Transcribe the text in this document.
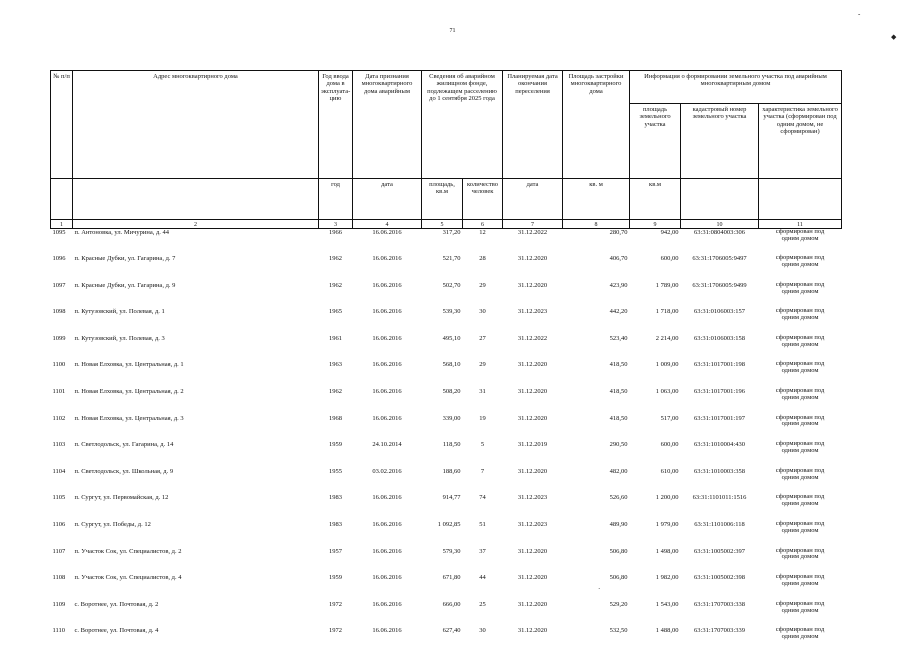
71
-
◆
·
№ п/п	Адрес многоквартирного дома	Год ввода дома в эксплуата-цию	Дата признания многоквартирного дома аварийным	Сведения об аварийном жилищном фонде, подлежащем расселению до 1 сентября 2025 года		Планируемая дата окончания переселения	Площадь застройки многоквартирного дома	Информация о формировании земельного участка под аварийным многоквартирным домом		
								площадь земельного участка	кадастровый номер земельного участка	характеристика земельного участка (сформирован под одним домом, не сформирован)
		год	дата	площадь, кв.м	количество человек	дата	кв. м	кв.м		
1	2	3	4	5	6	7	8	9	10	11
1095	п. Антоновка, ул. Мичурина, д. 44	1966	16.06.2016	317,20	12	31.12.2022	280,70	942,00	63:31:0804003:306	сформирован под
одним домом

1096	п. Красные Дубки, ул. Гагарина, д. 7	1962	16.06.2016	521,70	28	31.12.2020	406,70	600,00	63:31:1706005:9497	сформирован под
одним домом

1097	п. Красные Дубки, ул. Гагарина, д. 9	1962	16.06.2016	502,70	29	31.12.2020	423,90	1 789,00	63:31:1706005:9499	сформирован под
одним домом

1098	п. Кутузовский, ул. Полевая, д. 1	1965	16.06.2016	539,30	30	31.12.2023	442,20	1 718,00	63:31:0106003:157	сформирован под
одним домом

1099	п. Кутузовский, ул. Полевая, д. 3	1961	16.06.2016	495,10	27	31.12.2022	523,40	2 214,00	63:31:0106003:158	сформирован под
одним домом

1100	п. Новая Елховка, ул. Центральная, д. 1	1963	16.06.2016	568,10	29	31.12.2020	418,50	1 009,00	63:31:1017001:198	сформирован под
одним домом

1101	п. Новая Елховка, ул. Центральная, д. 2	1962	16.06.2016	508,20	31	31.12.2020	418,50	1 063,00	63:31:1017001:196	сформирован под
одним домом

1102	п. Новая Елховка, ул. Центральная, д. 3	1968	16.06.2016	339,00	19	31.12.2020	418,50	517,00	63:31:1017001:197	сформирован под
одним домом

1103	п. Светлодольск, ул. Гагарина, д. 14	1959	24.10.2014	118,50	5	31.12.2019	290,50	600,00	63:31:1010004:430	сформирован под
одним домом

1104	п. Светлодольск, ул. Школьная, д. 9	1955	03.02.2016	188,60	7	31.12.2020	482,00	610,00	63:31:1010003:358	сформирован под
одним домом

1105	п. Сургут, ул. Первомайская, д. 12	1983	16.06.2016	914,77	74	31.12.2023	526,60	1 200,00	63:31:1101011:1516	сформирован под
одним домом

1106	п. Сургут, ул. Победы, д. 12	1983	16.06.2016	1 092,85	51	31.12.2023	489,90	1 979,00	63:31:1101006:118	сформирован под
одним домом

1107	п. Участок Сок, ул. Специалистов, д. 2	1957	16.06.2016	579,30	37	31.12.2020	506,80	1 498,00	63:31:1005002:397	сформирован под
одним домом

1108	п. Участок Сок, ул. Специалистов, д. 4	1959	16.06.2016	671,80	44	31.12.2020	506,80	1 982,00	63:31:1005002:398	сформирован под
одним домом

1109	с. Воротнее, ул. Почтовая, д. 2	1972	16.06.2016	666,00	25	31.12.2020	529,20	1 543,00	63:31:1707003:338	сформирован под
одним домом

1110	с. Воротнее, ул. Почтовая, д. 4	1972	16.06.2016	627,40	30	31.12.2020	532,50	1 488,00	63:31:1707003:339	сформирован под
одним домом
